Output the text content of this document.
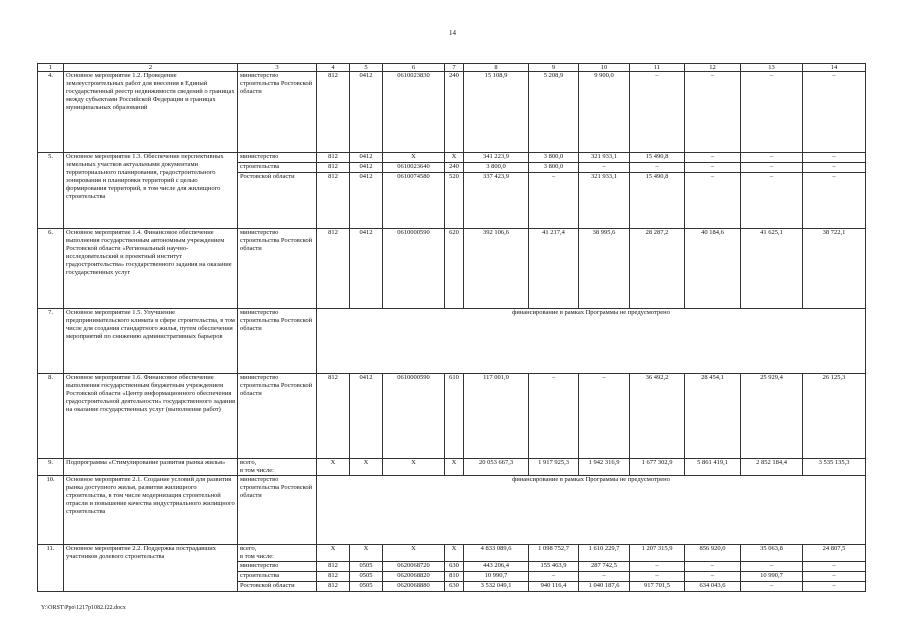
14
1	2	3	4	5	6	7	8	9	10	11	12	13	14
4.	Основное мероприятие 1.2. Проведение землеустроительных работ для внесения в Единый государственный реестр недвижимости сведений о границах между субъектами Российской Федерации и границах муниципальных образований	министерство строительства Ростовской области	812	0412	0610023830	240	15 108,9	5 208,9	9 900,0	–	–	–	–
5.	Основное мероприятие 1.3. Обеспечение перспективных земельных участков актуальными документами территориального планирования, градостроительного зонирования и планировки территорий с целью формирования территорий, в том числе для жилищного строительства	министерство	812	0412	X	X	341 223,9	3 800,0	321 933,1	15 490,8	–	–	–
		строительства	812	0412	0610023640	240	3 800,0	3 800,0	–	–	–	–	–
		Ростовской области	812	0412	0610074580	520	337 423,9	–	321 933,1	15 490,8	–	–	–
6.	Основное мероприятие 1.4. Финансовое обеспечение выполнения государственным автономным учреждением Ростовской области «Региональный научно-исследовательский и проектный институт градостроительства» государственного задания на оказание государственных услуг	министерство строительства Ростовской области	812	0412	0610000590	620	392 106,6	41 217,4	38 995,6	28 287,2	40 184,6	41 625,1	38 722,1
7.	Основное мероприятие 1.5. Улучшение предпринимательского климата в сфере строительства, в том числе для создания стандартного жилья, путем обеспечения мероприятий по снижению административных барьеров	министерство строительства Ростовской области	финансирование в рамках Программы не предусмотрено										
8.	Основное мероприятие 1.6. Финансовое обеспечение выполнения государственным бюджетным учреждением Ростовской области «Центр информационного обеспечения градостроительной деятельности» государственного задания на оказание государственных услуг (выполнение работ)	министерство строительства Ростовской области	812	0412	0610000590	610	117 001,0	–	–	36 492,2	28 454,1	25 929,4	26 125,3
9.	Подпрограмма «Стимулирование развития рынка жилья»	всего,
в том числе:	X	X	X	X	20 053 667,3	1 917 925,3	1 942 316,9	1 677 302,9	5 861 419,1	2 852 184,4	3 535 135,3
10.	Основное мероприятие 2.1. Создание условий для развития рынка доступного жилья, развития жилищного строительства, в том числе модернизация строительной отрасли и повышение качества индустриального жилищного строительства	министерство строительства Ростовской области	финансирование в рамках Программы не предусмотрено										
11.	Основное мероприятие 2.2. Поддержка пострадавших участников долевого строительства	всего,
в том числе:	X	X	X	X	4 833 089,6	1 098 752,7	1 610 229,7	1 207 315,9	856 920,0	35 063,8	24 807,5
		министерство	812	0505	0620068720	630	443 206,4	155 463,9	287 742,5	–	–	–	–
		строительства	812	0505	0620068820	810	10 990,7	–	–	–	–	10 990,7	–
		Ростовской области	812	0505	0620068880	630	3 532 049,1	940 116,4	1 040 187,6	917 701,5	634 043,6	–	–
Y:\ORST\Ppo\1217p1082.f22.docx
